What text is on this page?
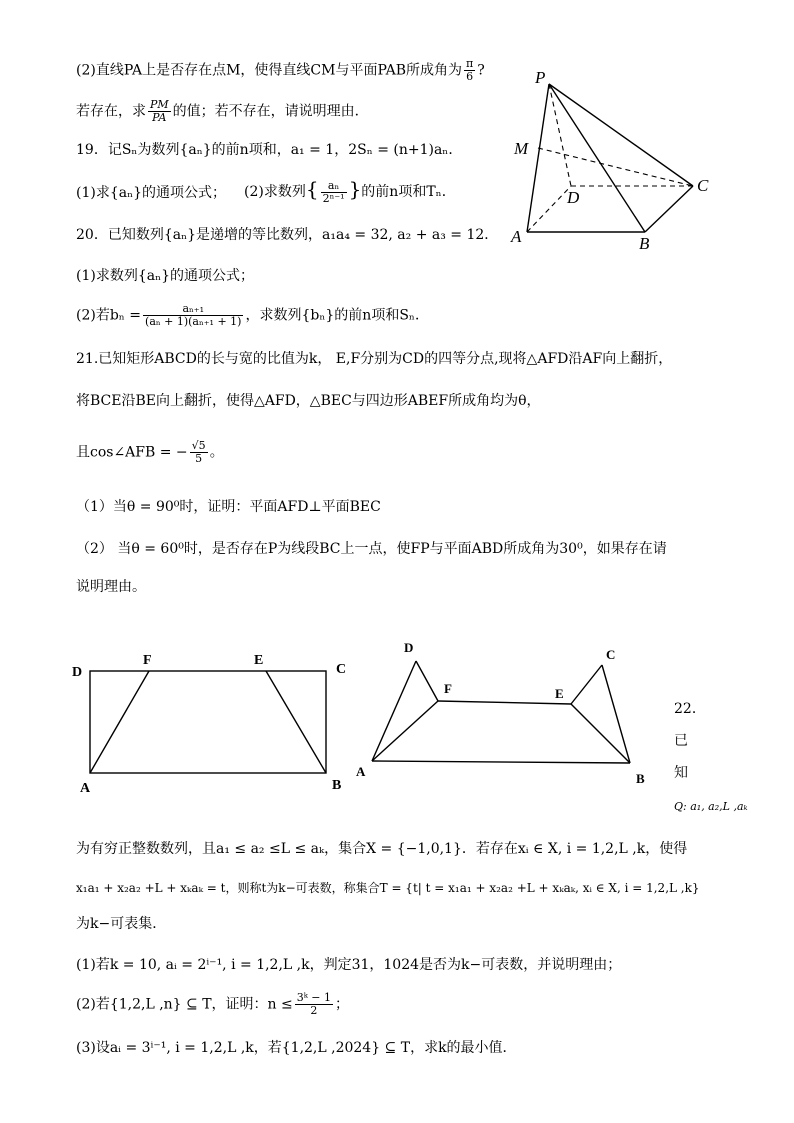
(2)直线PA上是否存在点M，使得直线CM与平面PAB所成角为 $\frac{\pi}{6}$ ?
若存在，求 $\frac{PM}{PA}$ 的值；若不存在，请说明理由．
P
M
D
C
A	B
19．记Sₙ为数列{aₙ}的前n项和，a₁ = 1，2Sₙ = (n+1)aₙ．
(1)求{aₙ}的通项公式； (2)求数列{ $\frac{\text{aₙ}}{\text{2ⁿ⁻¹}}$ }的前n项和Tₙ．
20．已知数列{aₙ}是递增的等比数列，a₁a₄ = 32, a₂ + a₃ = 12．
(1)求数列{aₙ}的通项公式；
(2)若$b_n = \frac{\text{aₙ₊₁}}{\text{(aₙ + 1)(aₙ₊₁ + 1)}}$ ，求数列{bₙ}的前n项和Sₙ．
21.已知矩形ABCD的长与宽的比值为k， E,F分别为CD的四等分点,现将△AFD沿AF向上翻折，
将BCE沿BE向上翻折，使得△AFD，△BEC与四边形ABEF所成角均为θ，
且cos∠AFB = − $\frac{√5}{5}$ 。
（1）当θ = 90⁰时，证明：平面AFD⊥平面BEC
（2） 当θ = 60⁰时，是否存在P为线段BC上一点，使FP与平面ABD所成角为30⁰，如果存在请
说明理由。
D
F	E
C
A	B
D
F	E
C
A	B
22．
已
知
Q: a₁, a₂,L ,aₖ
为有穷正整数数列，且a₁ ≤ a₂ ≤L ≤ aₖ，集合X = {−1,0,1}．若存在xᵢ ∈ X, i = 1,2,L ,k，使得
x₁a₁ + x₂a₂ +L + xₖaₖ = t，则称t为k−可表数，称集合T = {t| t = x₁a₁ + x₂a₂ +L + xₖaₖ, xᵢ ∈ X, i = 1,2,L ,k}
为k−可表集．
(1)若k = 10, aᵢ = 2ⁱ⁻¹, i = 1,2,L ,k，判定31，1024是否为k−可表数，并说明理由；
(2)若{1,2,L ,n} ⊆ T，证明：$n \le \frac{\text{3ᵏ − 1}}{2}$ ；
(3)设aᵢ = 3ⁱ⁻¹, i = 1,2,L ,k，若{1,2,L ,2024} ⊆ T，求k的最小值．
